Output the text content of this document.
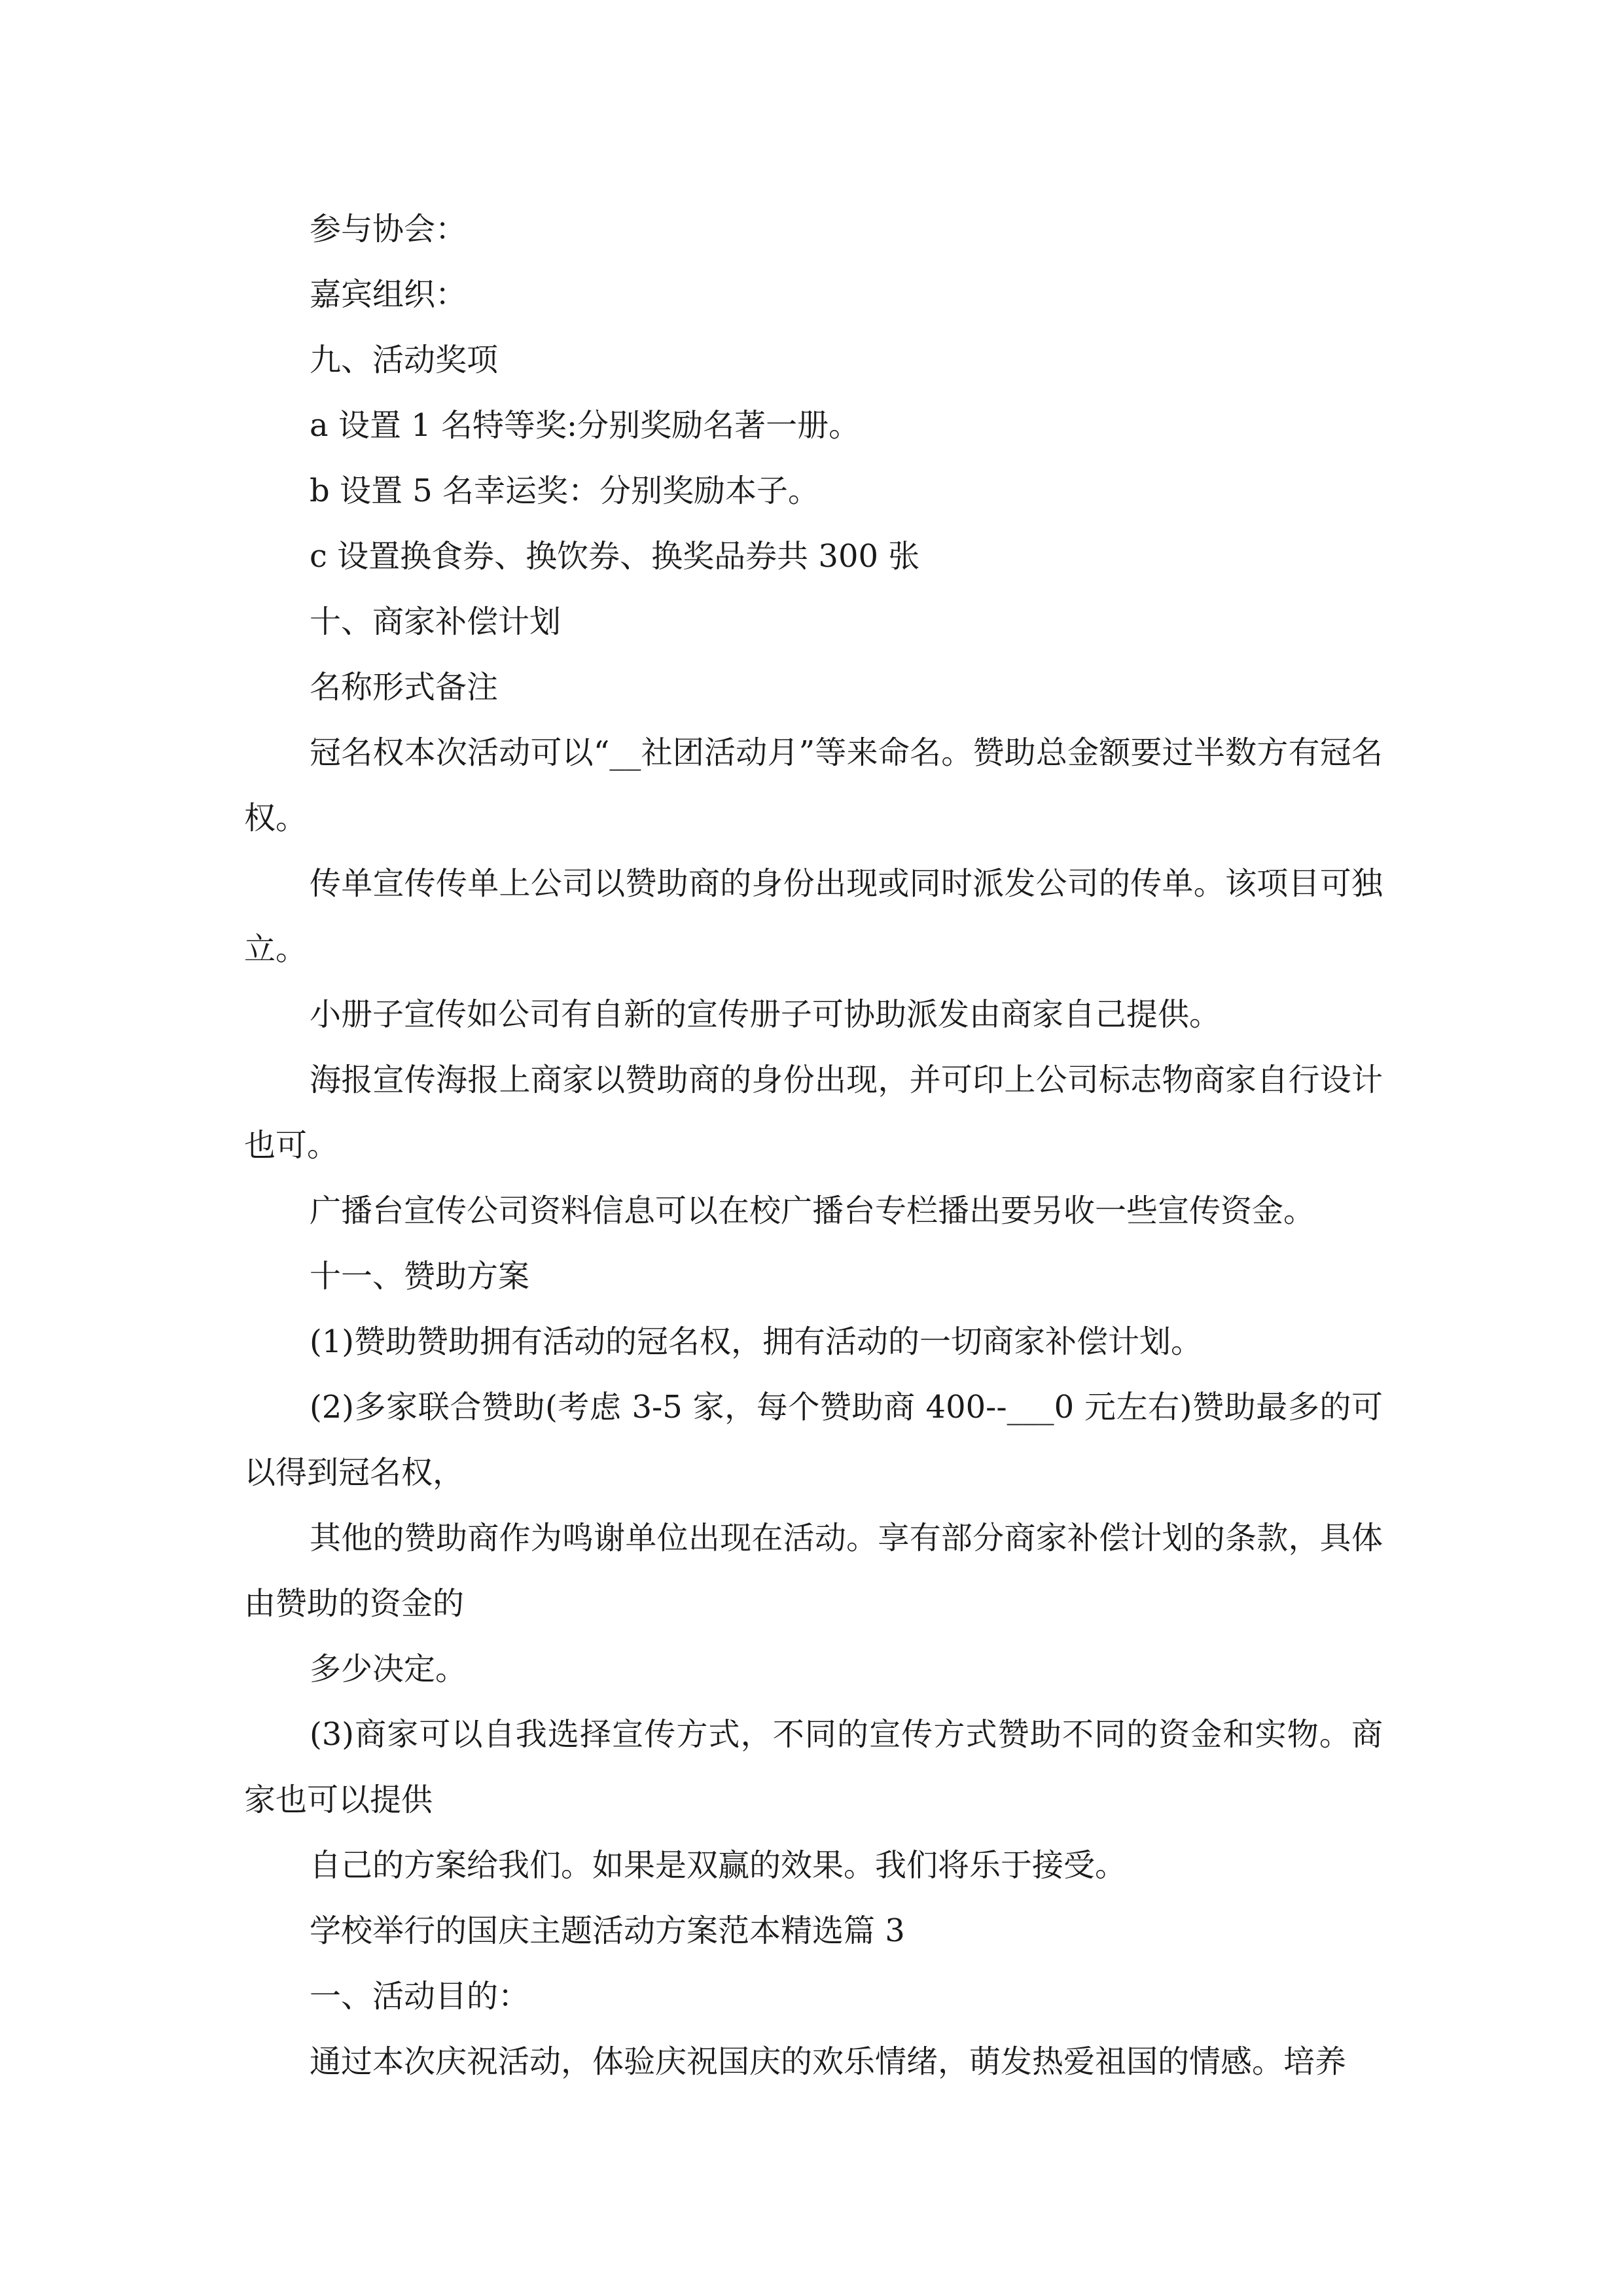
参与协会：

嘉宾组织：

九、活动奖项

a 设置 1 名特等奖:分别奖励名著一册。

b 设置 5 名幸运奖：分别奖励本子。

c 设置换食券、换饮券、换奖品券共 300 张

十、商家补偿计划

名称形式备注

冠名权本次活动可以“__社团活动月”等来命名。赞助总金额要过半数方有冠名权。

传单宣传传单上公司以赞助商的身份出现或同时派发公司的传单。该项目可独立。

小册子宣传如公司有自新的宣传册子可协助派发由商家自己提供。

海报宣传海报上商家以赞助商的身份出现，并可印上公司标志物商家自行设计也可。

广播台宣传公司资料信息可以在校广播台专栏播出要另收一些宣传资金。

十一、赞助方案

(1)赞助赞助拥有活动的冠名权，拥有活动的一切商家补偿计划。

(2)多家联合赞助(考虑 3-5 家，每个赞助商 400--___0 元左右)赞助最多的可以得到冠名权，

其他的赞助商作为鸣谢单位出现在活动。享有部分商家补偿计划的条款，具体由赞助的资金的

多少决定。

(3)商家可以自我选择宣传方式，不同的宣传方式赞助不同的资金和实物。商家也可以提供

自己的方案给我们。如果是双赢的效果。我们将乐于接受。

学校举行的国庆主题活动方案范本精选篇 3

一、活动目的：

通过本次庆祝活动，体验庆祝国庆的欢乐情绪，萌发热爱祖国的情感。培养
